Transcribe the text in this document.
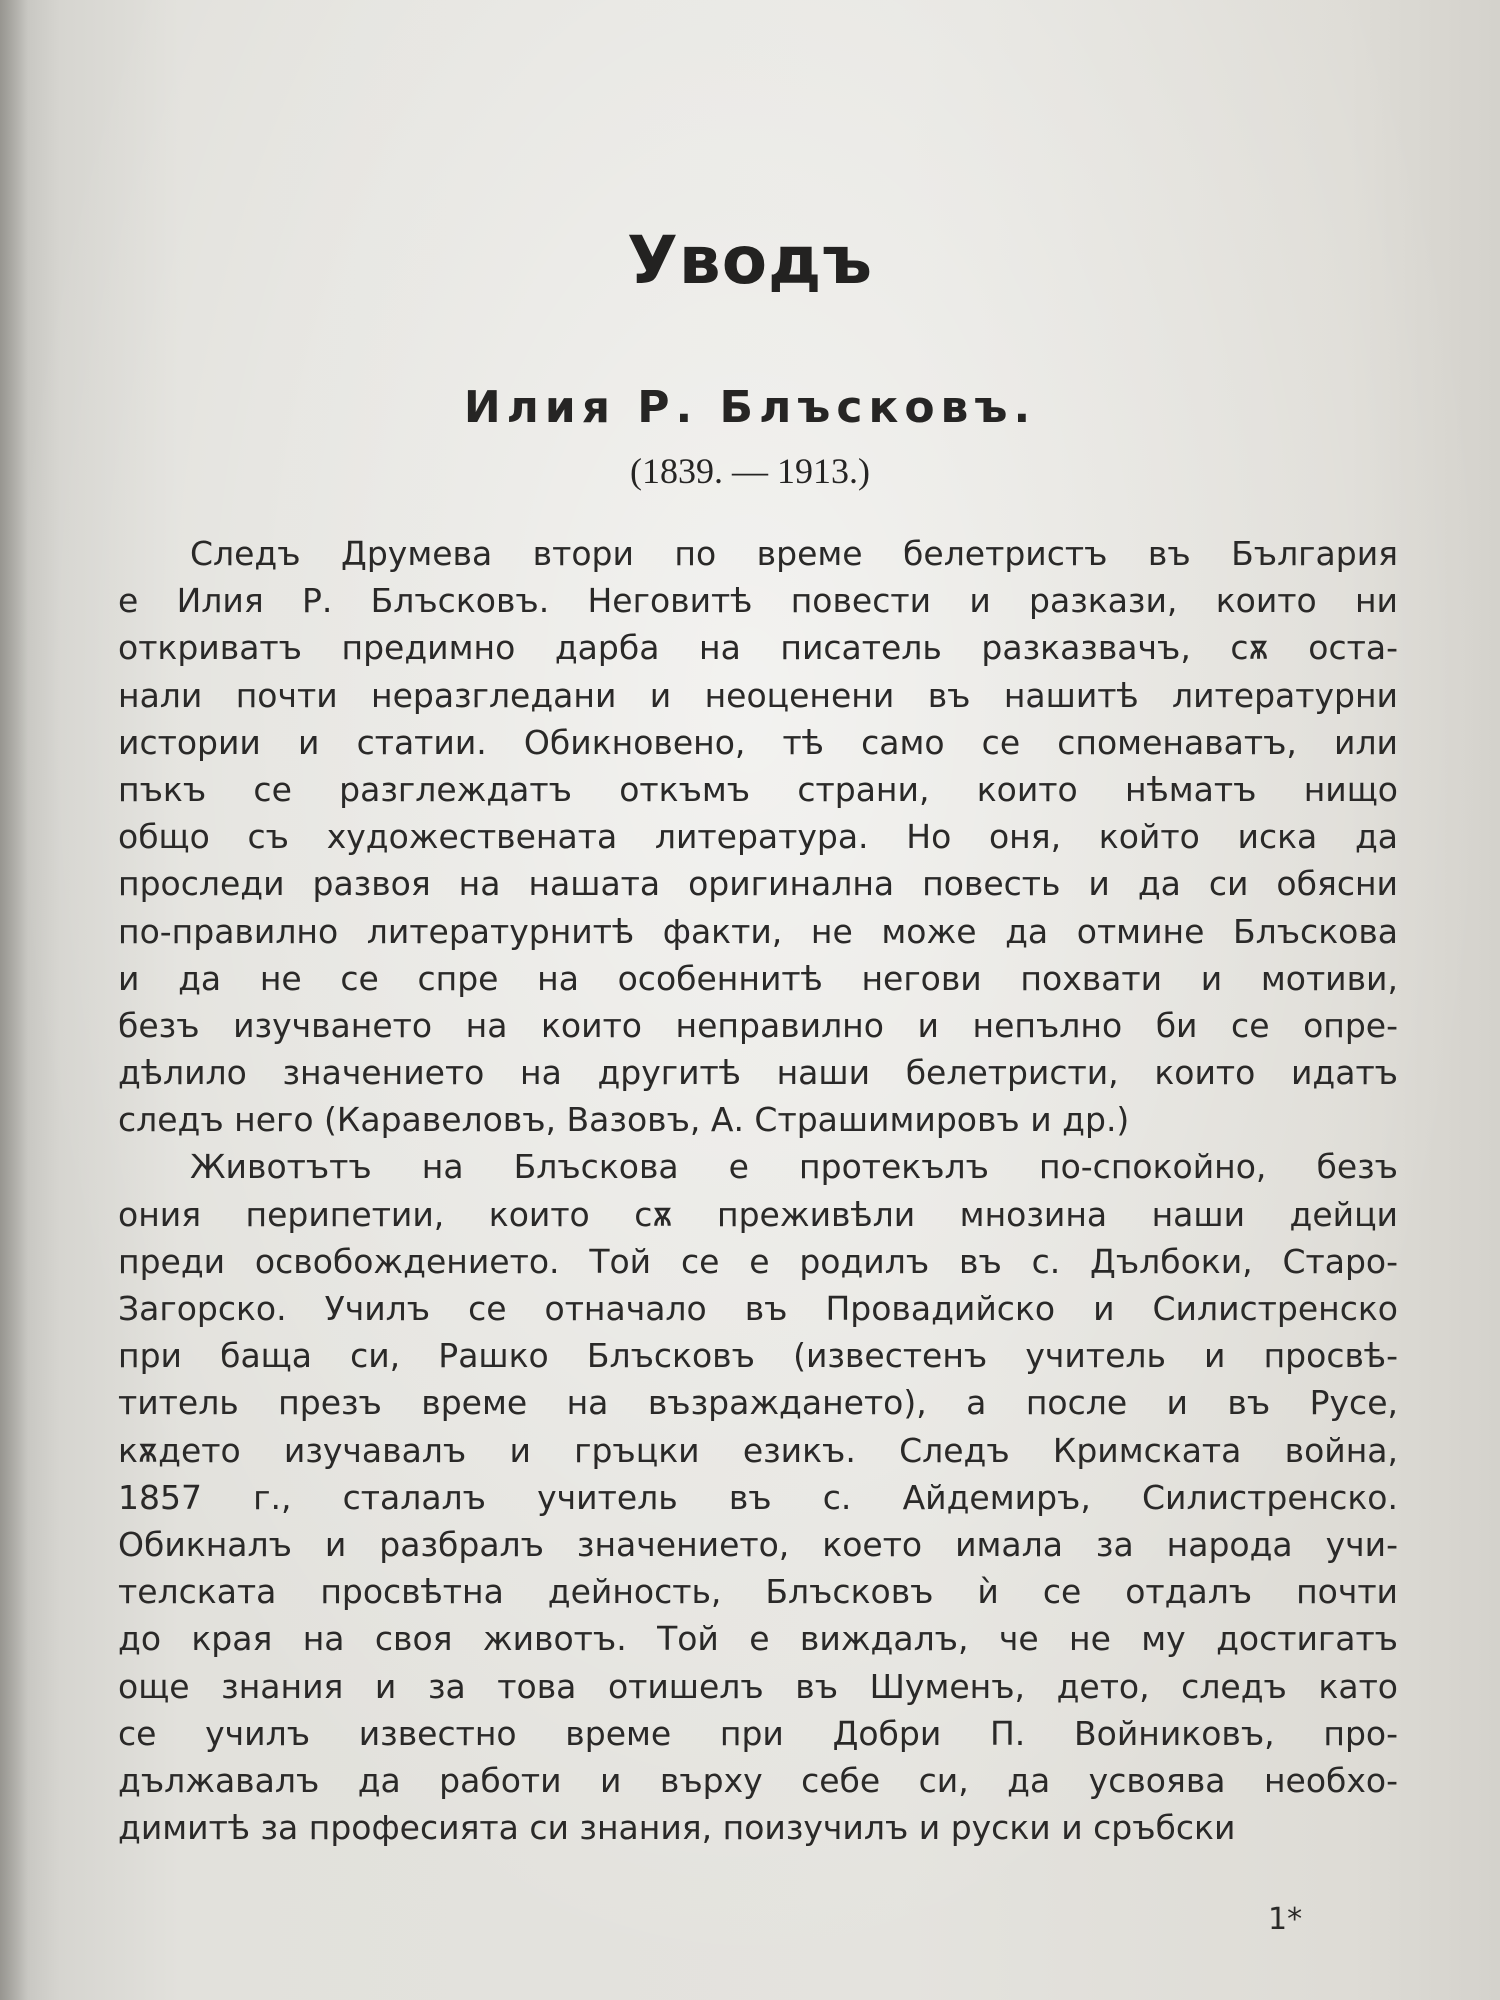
Уводъ
Илия Р. Блъсковъ.
(1839. — 1913.)
Следъ Друмева втори по време белетристъ въ България
е Илия Р. Блъсковъ. Неговитѣ повести и разкази, които ни
откриватъ предимно дарба на писатель разказвачъ, сѫ оста-
нали почти неразгледани и неоценени въ нашитѣ литературни
истории и статии. Обикновено, тѣ само се споменаватъ, или
пъкъ се разглеждатъ откъмъ страни, които нѣматъ нищо
общо съ художествената литература. Но оня, който иска да
проследи развоя на нашата оригинална повесть и да си обясни
по-правилно литературнитѣ факти, не може да отмине Блъскова
и да не се спре на особеннитѣ негови похвати и мотиви,
безъ изучването на които неправилно и непълно би се опре-
дѣлило значението на другитѣ наши белетристи, които идатъ
следъ него (Каравеловъ, Вазовъ, А. Страшимировъ и др.)
Животътъ на Блъскова е протекълъ по-спокойно, безъ
ония перипетии, които сѫ преживѣли мнозина наши дейци
преди освобождението. Той се е родилъ въ с. Дълбоки, Старо-
Загорско. Училъ се отначало въ Провадийско и Силистренско
при баща си, Рашко Блъсковъ (известенъ учитель и просвѣ-
титель презъ време на възраждането), а после и въ Русе,
кѫдето изучавалъ и гръцки езикъ. Следъ Кримската война,
1857 г., сталалъ учитель въ с. Айдемиръ, Силистренско.
Обикналъ и разбралъ значението, което имала за народа учи-
телската просвѣтна дейность, Блъсковъ ѝ се отдалъ почти
до края на своя животъ. Той е виждалъ, че не му достигатъ
още знания и за това отишелъ въ Шуменъ, дето, следъ като
се училъ известно време при Добри П. Войниковъ, про-
дължавалъ да работи и върху себе си, да усвоява необхо-
димитѣ за професията си знания, поизучилъ и руски и сръбски
1*
